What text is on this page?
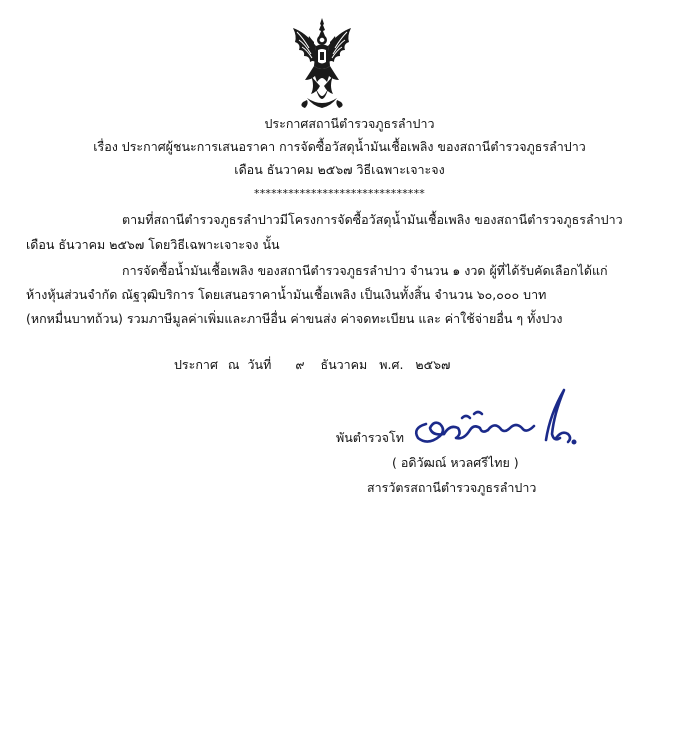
ประกาศสถานีตำรวจภูธรลำปาว
เรื่อง ประกาศผู้ชนะการเสนอราคา การจัดซื้อวัสดุน้ำมันเชื้อเพลิง ของสถานีตำรวจภูธรลำปาว
เดือน ธันวาคม ๒๕๖๗ วิธีเฉพาะเจาะจง
******************************
ตามที่สถานีตำรวจภูธรลำปาวมีโครงการจัดซื้อวัสดุน้ำมันเชื้อเพลิง ของสถานีตำรวจภูธรลำปาว
เดือน ธันวาคม ๒๕๖๗ โดยวิธีเฉพาะเจาะจง นั้น
การจัดซื้อน้ำมันเชื้อเพลิง ของสถานีตำรวจภูธรลำปาว จำนวน ๑ งวด ผู้ที่ได้รับคัดเลือกได้แก่
ห้างหุ้นส่วนจำกัด ณัฐวุฒิบริการ โดยเสนอราคาน้ำมันเชื้อเพลิง เป็นเงินทั้งสิ้น จำนวน ๖๐,๐๐๐ บาท
(หกหมื่นบาทถ้วน) รวมภาษีมูลค่าเพิ่มและภาษีอื่น ค่าขนส่ง ค่าจดทะเบียน และ ค่าใช้จ่ายอื่น ๆ ทั้งปวง
ประกาศ ณ วันที่ ๙ ธันวาคม พ.ศ. ๒๕๖๗
พันตำรวจโท
( อดิวัฒณ์ หวลศรีไทย )
สารวัตรสถานีตำรวจภูธรลำปาว
